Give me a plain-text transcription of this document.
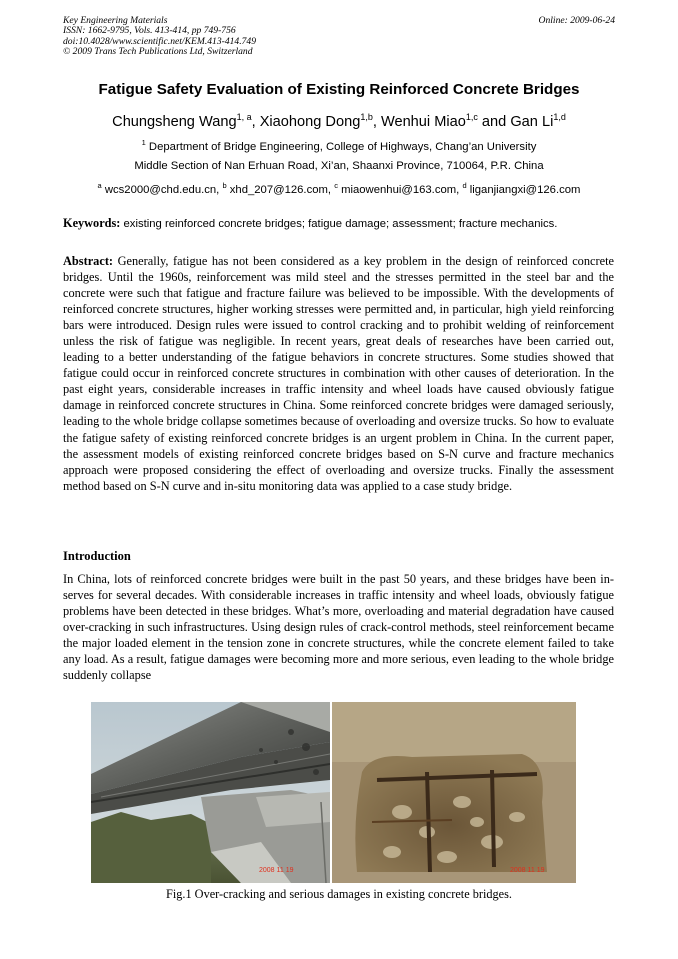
Key Engineering Materials
ISSN: 1662-9795, Vols. 413-414, pp 749-756
doi:10.4028/www.scientific.net/KEM.413-414.749
© 2009 Trans Tech Publications Ltd, Switzerland
Online: 2009-06-24
Fatigue Safety Evaluation of Existing Reinforced Concrete Bridges
Chungsheng Wang$^{1, a}$, Xiaohong Dong$^{1,b}$, Wenhui Miao$^{1,c}$ and Gan Li$^{1,d}$
$^1$ Department of Bridge Engineering, College of Highways, Chang’an University
Middle Section of Nan Erhuan Road, Xi’an, Shaanxi Province, 710064, P.R. China
$^a$ wcs2000@chd.edu.cn, $^b$ xhd_207@126.com, $^c$ miaowenhui@163.com, $^d$ liganjiangxi@126.com
Keywords: existing reinforced concrete bridges; fatigue damage; assessment; fracture mechanics.
Abstract: Generally, fatigue has not been considered as a key problem in the design of reinforced concrete bridges. Until the 1960s, reinforcement was mild steel and the stresses permitted in the steel bar and the concrete were such that fatigue and fracture failure was believed to be impossible. With the developments of reinforced concrete structures, higher working stresses were permitted and, in particular, high yield reinforcing bars were introduced. Design rules were issued to control cracking and to prohibit welding of reinforcement unless the risk of fatigue was negligible. In recent years, great deals of researches have been carried out, leading to a better understanding of the fatigue behaviors in concrete structures. Some studies showed that fatigue could occur in reinforced concrete structures in combination with other causes of deterioration. In the past eight years, considerable increases in traffic intensity and wheel loads have caused obviously fatigue damage in reinforced concrete structures in China. Some reinforced concrete bridges were damaged seriously, leading to the whole bridge collapse sometimes because of overloading and oversize trucks. So how to evaluate the fatigue safety of existing reinforced concrete bridges is an urgent problem in China. In the current paper, the assessment models of existing reinforced concrete bridges based on S-N curve and fracture mechanics approach were proposed considering the effect of overloading and oversize trucks. Finally the assessment method based on S-N curve and in-situ monitoring data was applied to a case study bridge.
Introduction
In China, lots of reinforced concrete bridges were built in the past 50 years, and these bridges have been in-serves for several decades. With considerable increases in traffic intensity and wheel loads, obviously fatigue problems have been detected in these bridges. What’s more, overloading and material degradation have caused over-cracking in such infrastructures. Using design rules of crack-control methods, steel reinforcement became the major loaded element in the tension zone in concrete structures, while the concrete element failed to take any load. As a result, fatigue damages were becoming more and more serious, even leading to the whole bridge suddenly collapse
2008 11 19	2008 11 19
Fig.1 Over-cracking and serious damages in existing concrete bridges.
